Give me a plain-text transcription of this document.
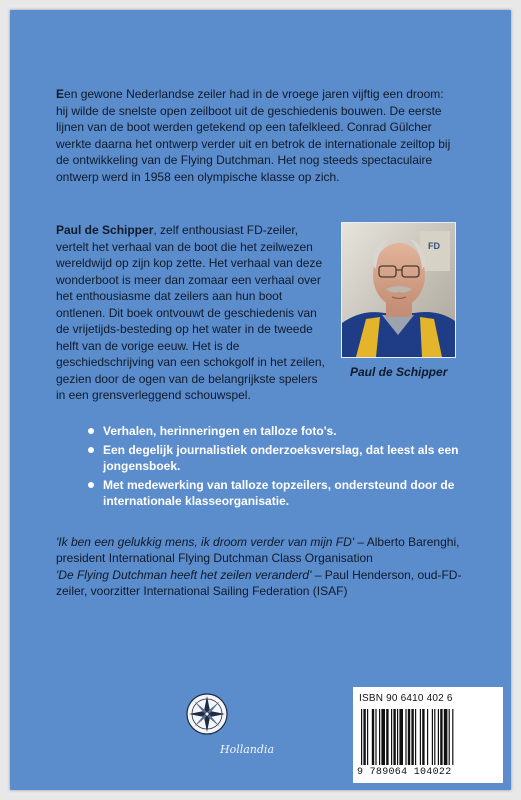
Een gewone Nederlandse zeiler had in de vroege jaren vijftig een droom: hij wilde de snelste open zeilboot uit de geschiedenis bouwen. De eerste lijnen van de boot werden getekend op een tafelkleed. Conrad Gülcher werkte daarna het ontwerp verder uit en betrok de internationale zeiltop bij de ontwikkeling van de Flying Dutchman. Het nog steeds spectaculaire ontwerp werd in 1958 een olympische klasse op zich.

Paul de Schipper, zelf enthousiast FD-zeiler, vertelt het verhaal van de boot die het zeilwezen wereldwijd op zijn kop zette. Het verhaal van deze wonderboot is meer dan zomaar een verhaal over het enthousiasme dat zeilers aan hun boot ontlenen. Dit boek ontvouwt de geschiedenis van de vrijetijds-besteding op het water in de tweede helft van de vorige eeuw. Het is de geschiedschrijving van een schokgolf in het zeilen, gezien door de ogen van de belangrijkste spelers in een grensverleggend schouwspel.

FD
Paul de Schipper
Verhalen, herinneringen en talloze foto's.
Een degelijk journalistiek onderzoeksverslag, dat leest als een jongensboek.
Met medewerking van talloze topzeilers, ondersteund door de internationale klasseorganisatie.

'Ik ben een gelukkig mens, ik droom verder van mijn FD' – Alberto Barenghi, president International Flying Dutchman Class Organisation
'De Flying Dutchman heeft het zeilen veranderd' – Paul Henderson, oud-FD-zeiler, voorzitter International Sailing Federation (ISAF)

Hollandia
ISBN 90 6410 402 6
9 789064 104022
